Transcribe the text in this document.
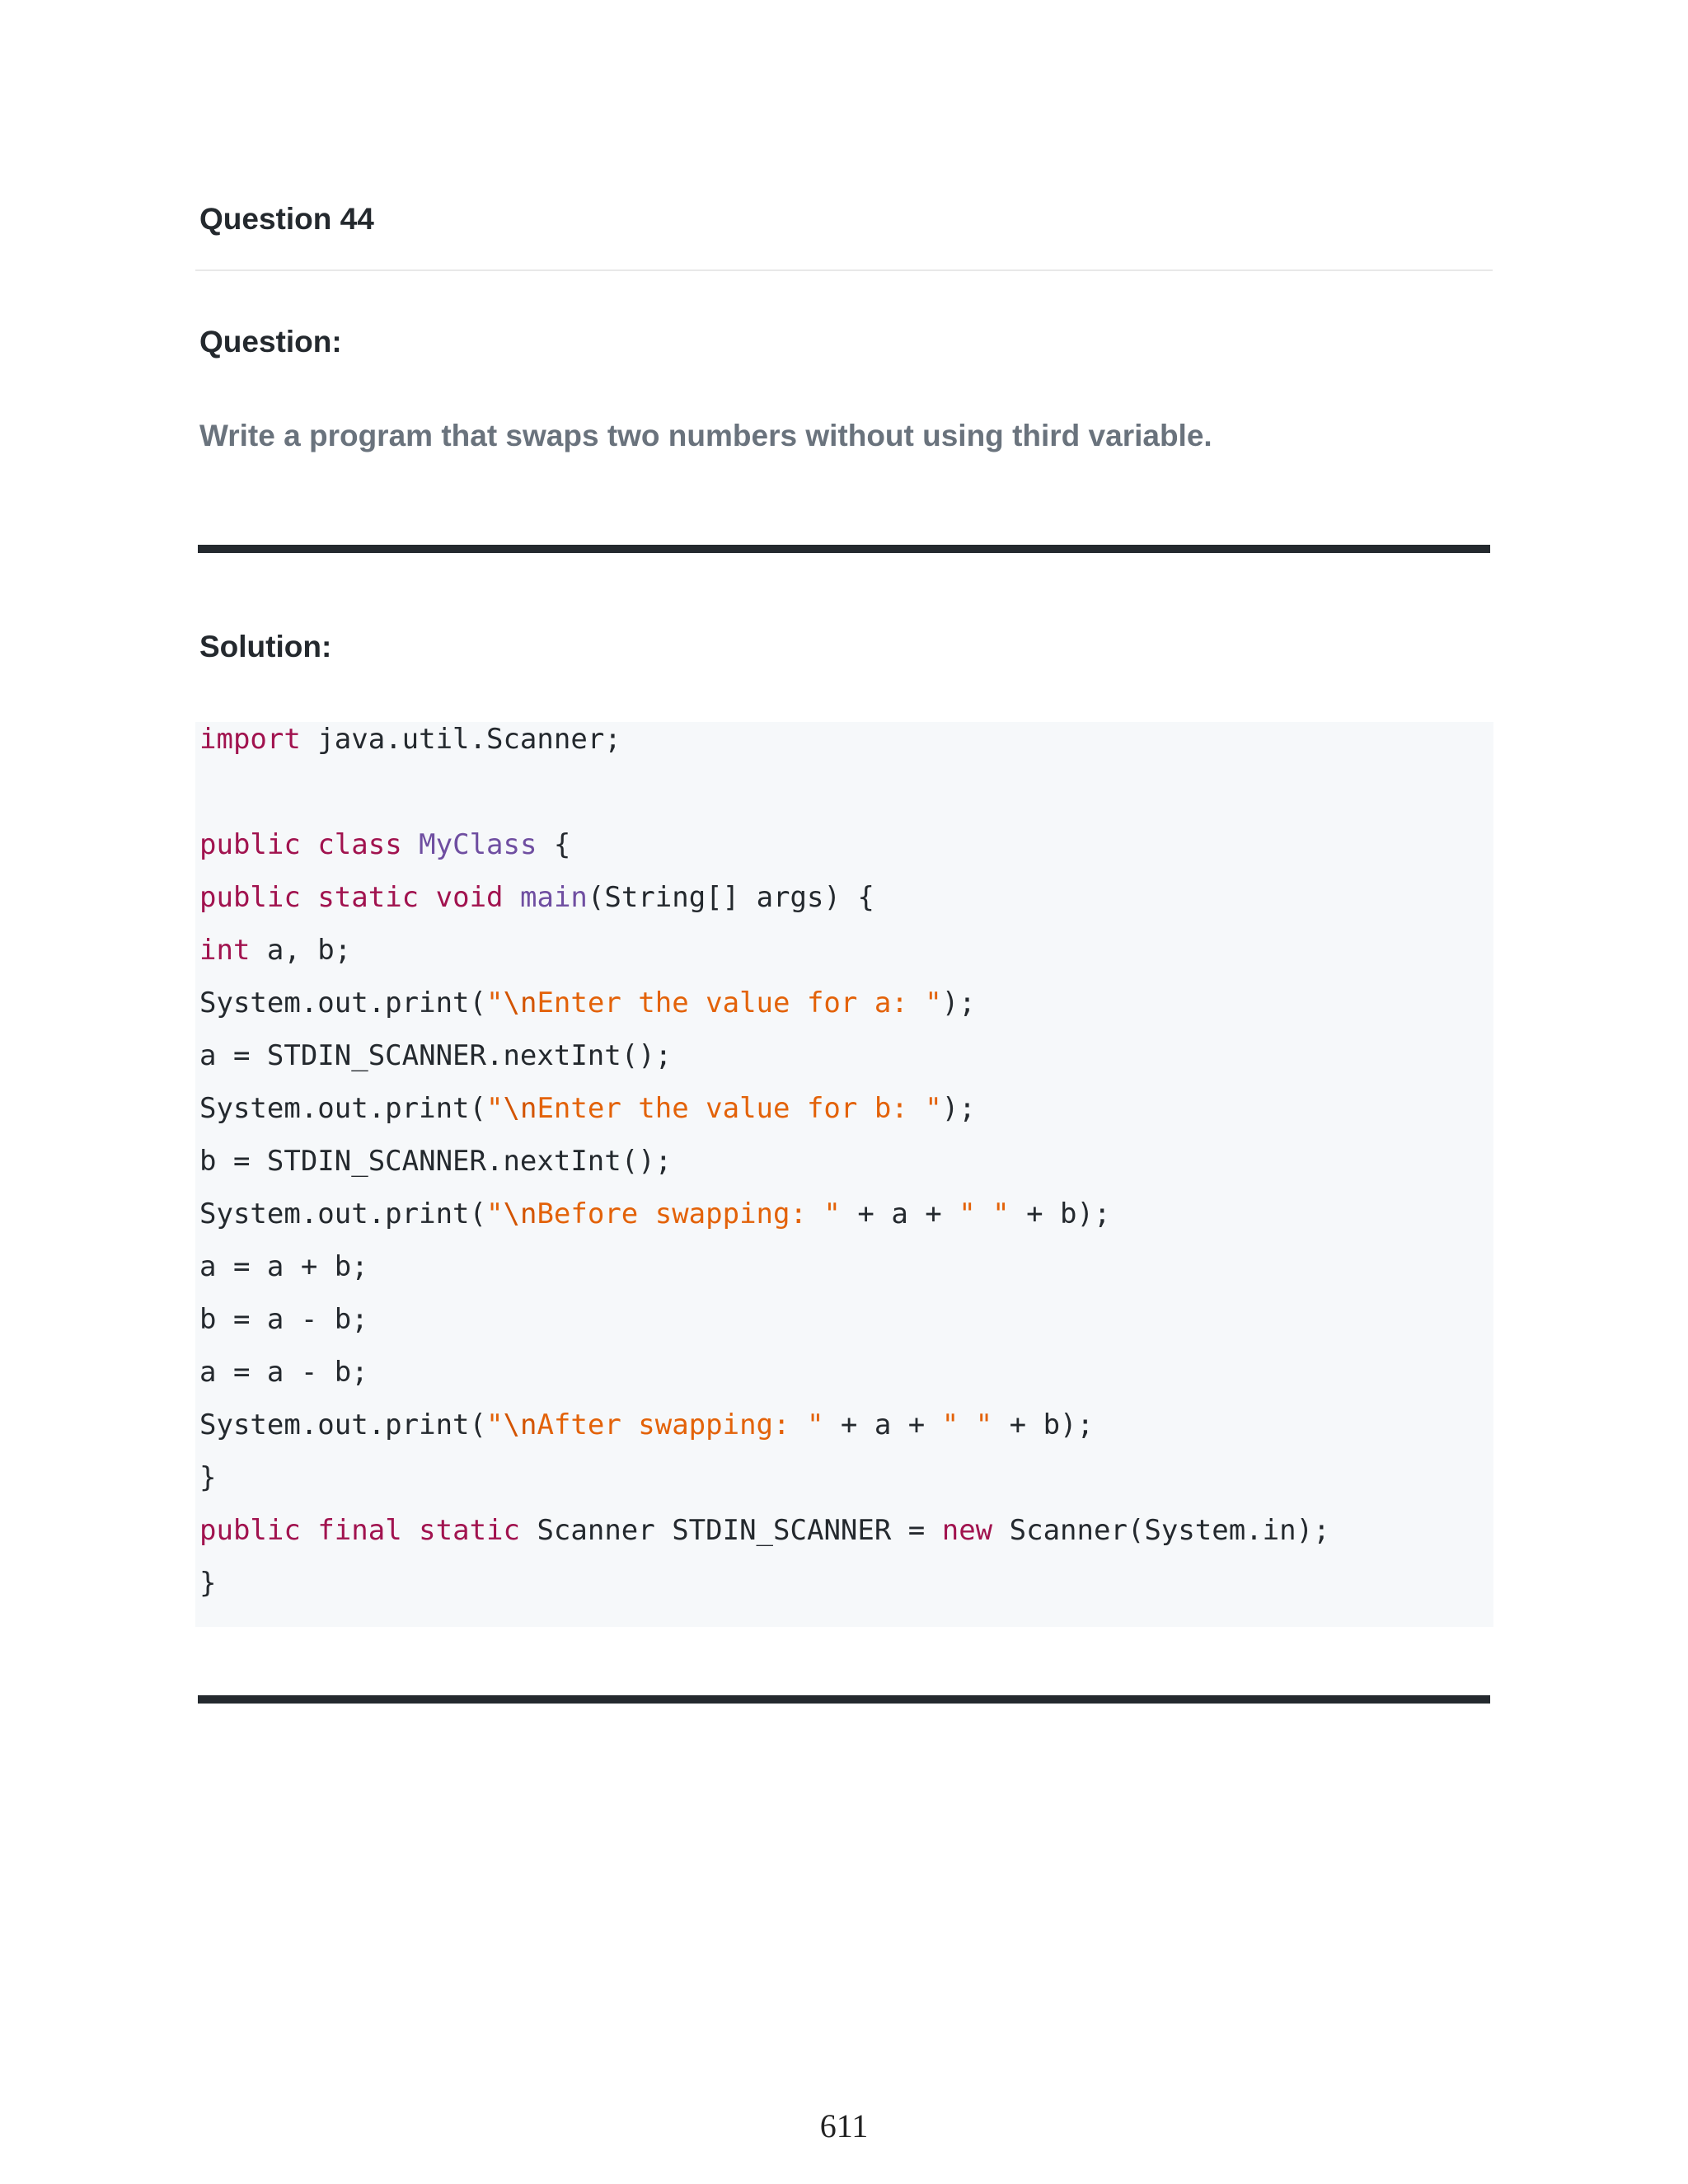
Question 44
Question:

Write a program that swaps two numbers without using third variable.

Solution:
import java.util.Scanner;
public class MyClass {
public static void main(String[] args) {
int a, b;
System.out.print("\nEnter the value for a: ");
a = STDIN_SCANNER.nextInt();
System.out.print("\nEnter the value for b: ");
b = STDIN_SCANNER.nextInt();
System.out.print("\nBefore swapping: " + a + " " + b);
a = a + b;
b = a - b;
a = a - b;
System.out.print("\nAfter swapping: " + a + " " + b);
}
public final static Scanner STDIN_SCANNER = new Scanner(System.in);
}
611
